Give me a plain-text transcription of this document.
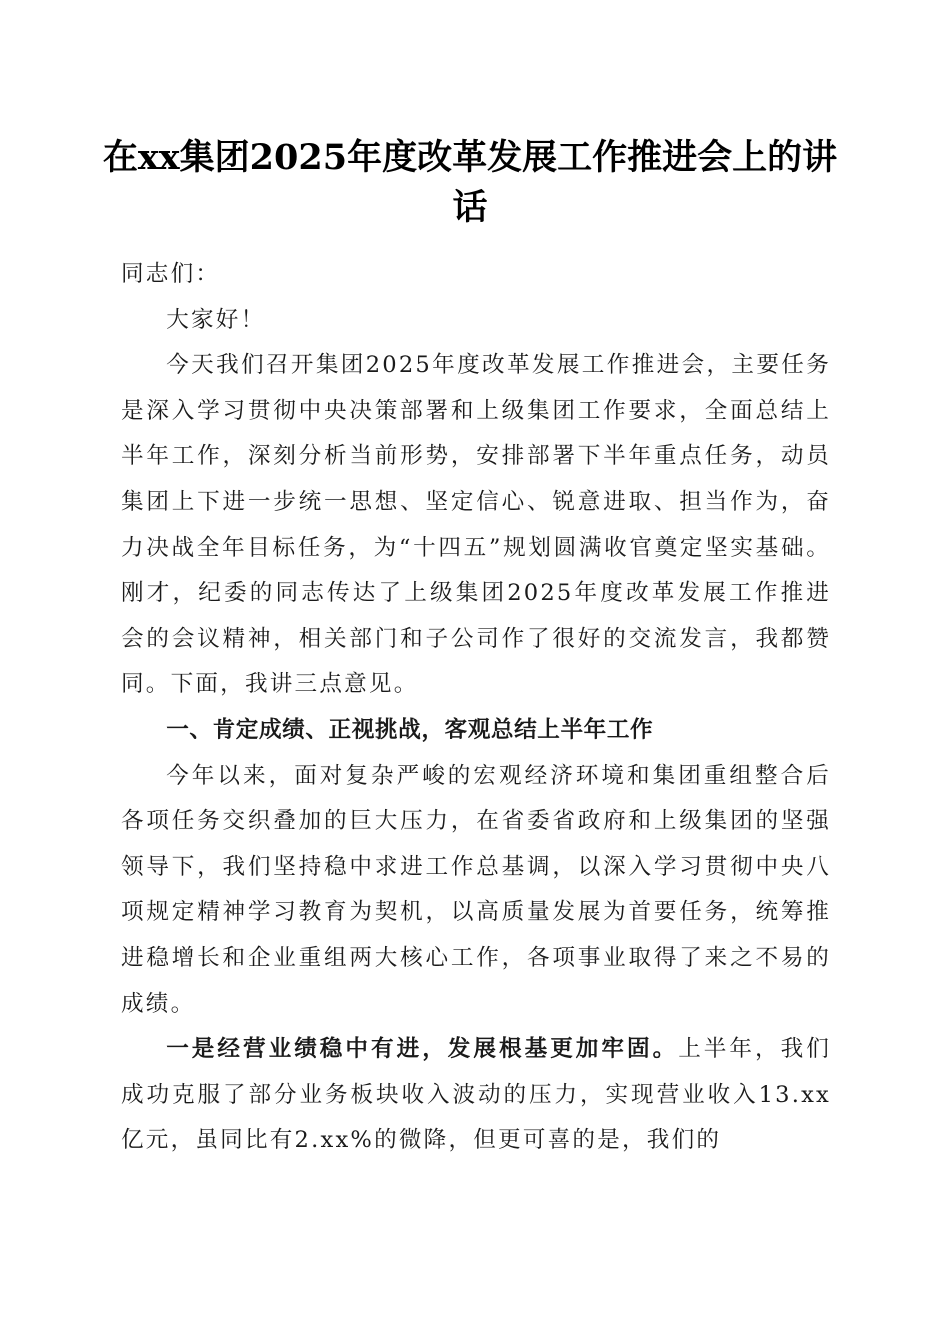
在xx集团2025年度改革发展工作推进会上的讲话

同志们：

大家好！

今天我们召开集团2025年度改革发展工作推进会，主要任务是深入学习贯彻中央决策部署和上级集团工作要求，全面总结上半年工作，深刻分析当前形势，安排部署下半年重点任务，动员集团上下进一步统一思想、坚定信心、锐意进取、担当作为，奋力决战全年目标任务，为“十四五”规划圆满收官奠定坚实基础。刚才，纪委的同志传达了上级集团2025年度改革发展工作推进会的会议精神，相关部门和子公司作了很好的交流发言，我都赞同。下面，我讲三点意见。

一、肯定成绩、正视挑战，客观总结上半年工作

今年以来，面对复杂严峻的宏观经济环境和集团重组整合后各项任务交织叠加的巨大压力，在省委省政府和上级集团的坚强领导下，我们坚持稳中求进工作总基调，以深入学习贯彻中央八项规定精神学习教育为契机，以高质量发展为首要任务，统筹推进稳增长和企业重组两大核心工作，各项事业取得了来之不易的成绩。

一是经营业绩稳中有进，发展根基更加牢固。上半年，我们成功克服了部分业务板块收入波动的压力，实现营业收入13.xx亿元，虽同比有2.xx%的微降，但更可喜的是，我们的
